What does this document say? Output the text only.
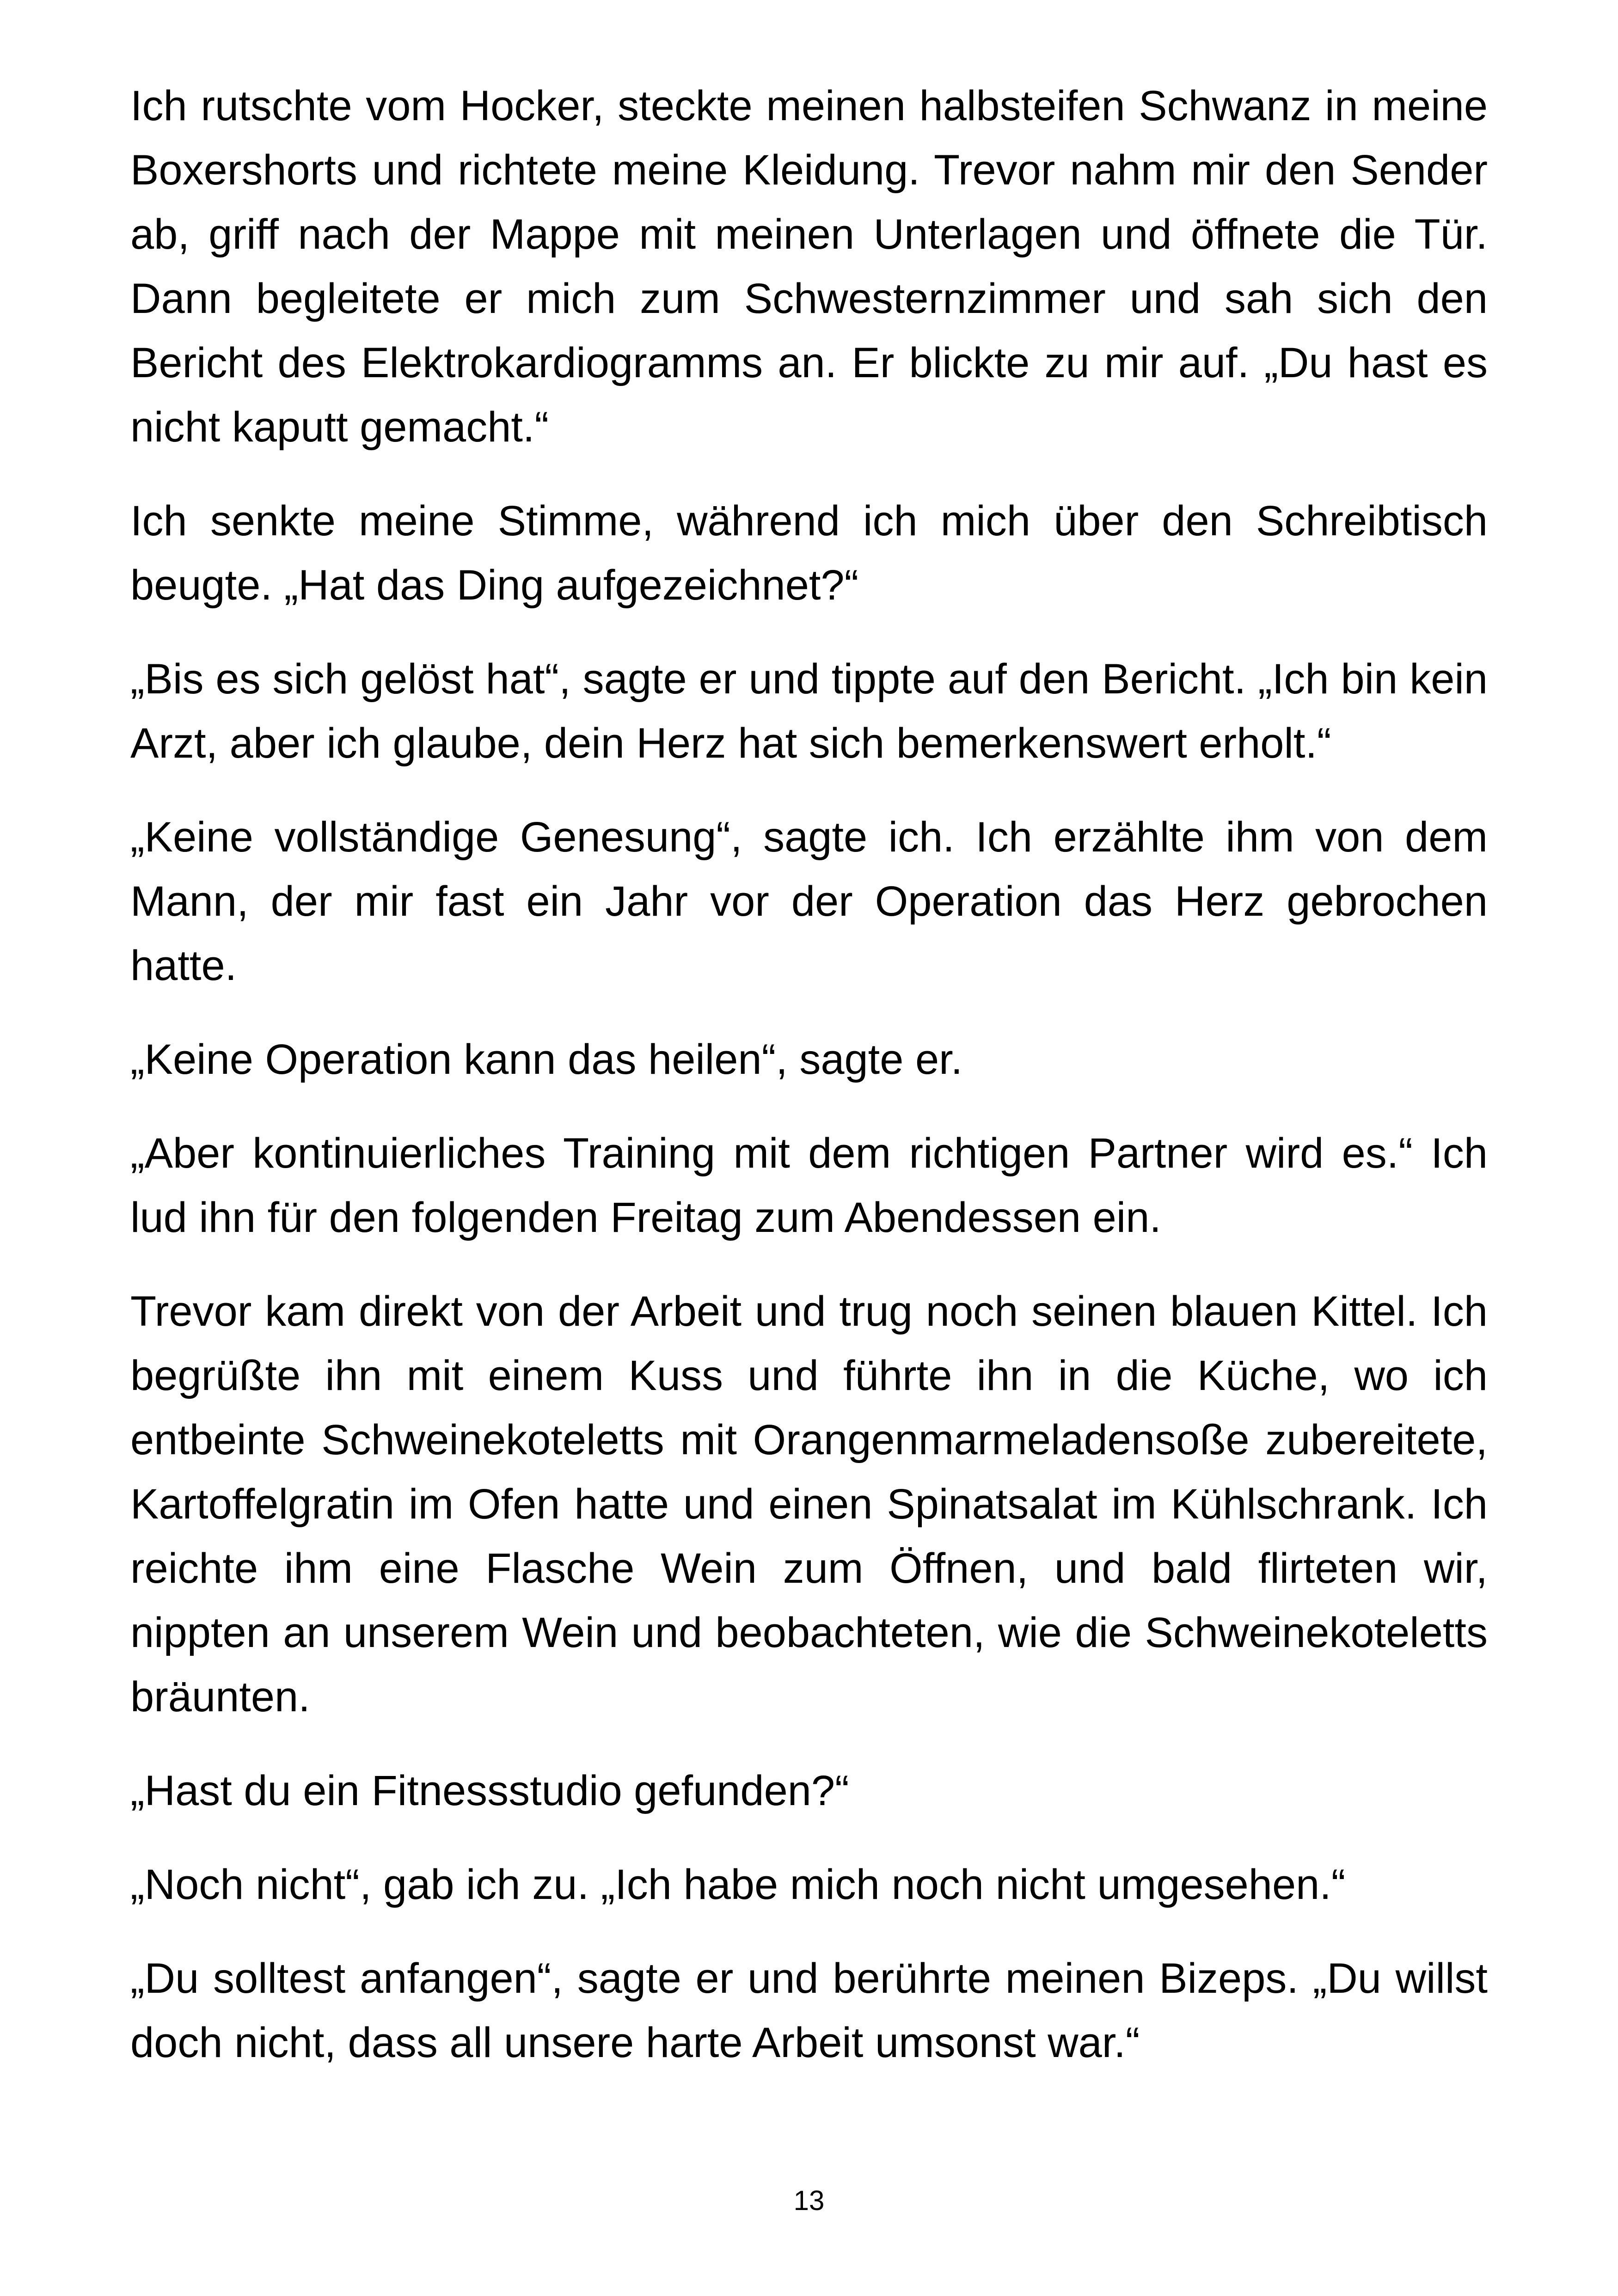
Ich rutschte vom Hocker, steckte meinen halbsteifen Schwanz in meine Boxershorts und richtete meine Kleidung. Trevor nahm mir den Sender ab, griff nach der Mappe mit meinen Unterlagen und öffnete die Tür. Dann begleitete er mich zum Schwesternzimmer und sah sich den Bericht des Elektrokardiogramms an. Er blickte zu mir auf. „Du hast es nicht kaputt gemacht.“

Ich senkte meine Stimme, während ich mich über den Schreibtisch beugte. „Hat das Ding aufgezeichnet?“

„Bis es sich gelöst hat“, sagte er und tippte auf den Bericht. „Ich bin kein Arzt, aber ich glaube, dein Herz hat sich bemerkenswert erholt.“

„Keine vollständige Genesung“, sagte ich. Ich erzählte ihm von dem Mann, der mir fast ein Jahr vor der Operation das Herz gebrochen hatte.

„Keine Operation kann das heilen“, sagte er.

„Aber kontinuierliches Training mit dem richtigen Partner wird es.“ Ich lud ihn für den folgenden Freitag zum Abendessen ein.

Trevor kam direkt von der Arbeit und trug noch seinen blauen Kittel. Ich begrüßte ihn mit einem Kuss und führte ihn in die Küche, wo ich entbeinte Schweinekoteletts mit Orangenmarmeladensoße zubereitete, Kartoffelgratin im Ofen hatte und einen Spinatsalat im Kühlschrank. Ich reichte ihm eine Flasche Wein zum Öffnen, und bald flirteten wir, nippten an unserem Wein und beobachteten, wie die Schweinekoteletts bräunten.

„Hast du ein Fitnessstudio gefunden?“

„Noch nicht“, gab ich zu. „Ich habe mich noch nicht umgesehen.“

„Du solltest anfangen“, sagte er und berührte meinen Bizeps. „Du willst doch nicht, dass all unsere harte Arbeit umsonst war.“

13
